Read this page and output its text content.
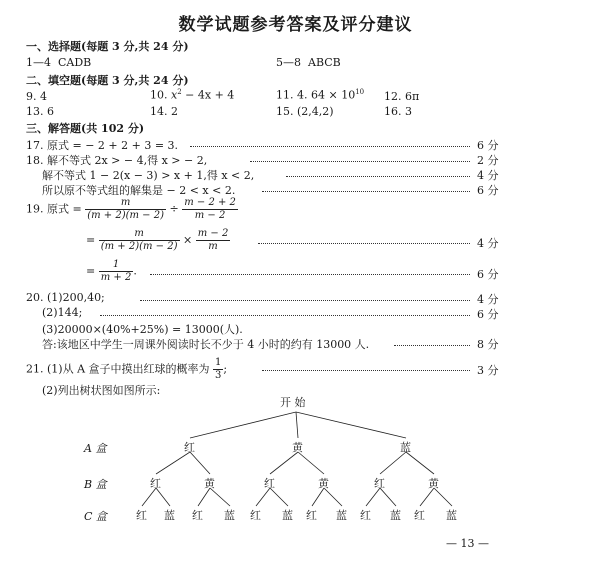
数学试题参考答案及评分建议
一、选择题(每题 3 分,共 24 分)
1—4 CADB	5—8 ABCB
二、填空题(每题 3 分,共 24 分)
9. 4	10. $x^2 - 4x + 4$	11. 4. $64 \times 10^{10}$ 12. 6π
13. 6	14. 2	15. (2,4,2)	16. 3
三、解答题(共 102 分)
17. 原式 = − 2 + 2 + 3 = 3.	6 分
18. 解不等式 2x > − 4,得 x > − 2,	2 分
解不等式 1 − 2(x − 3) > x + 1,得 x < 2,	4 分
所以原不等式组的解集是 − 2 < x < 2.	6 分
19. 原式 = $\frac{m}{(m + 2)(m - 2)} \div \frac{m - 2 + 2}{m - 2}$
= $\frac{m}{(m + 2)(m - 2)} \times \frac{m - 2}{m}$	4 分
= $\frac{1}{m + 2}$ .	6 分
20. (1)200,40;	4 分
(2)144;	6 分
(3)20000×(40%+25%) = 13000(人).
答:该地区中学生一周课外阅读时长不少于 4 小时的约有 13000 人.	8 分
21. (1)从 A 盒子中摸出红球的概率为 $\frac{1}{3}$ ;	3 分
(2)列出树状图如图所示:
开 始
A 盒
B 盒
C 盒
红	黄	蓝
红	黄	红	黄	红	黄
红 蓝 红 蓝 红 蓝 红 蓝 红 蓝 红 蓝
— 13 —
